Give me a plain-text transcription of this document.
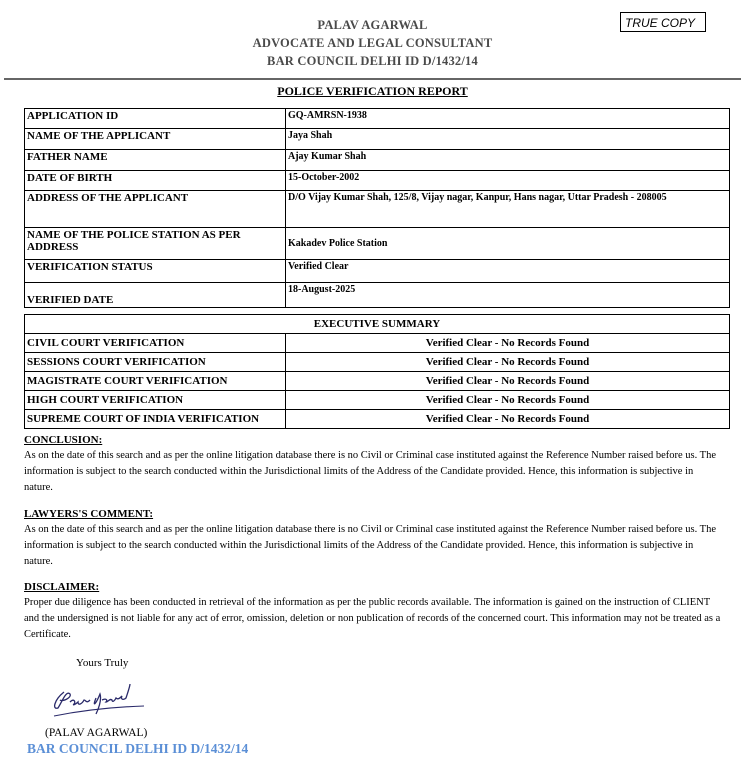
PALAV AGARWAL
ADVOCATE AND LEGAL CONSULTANT
BAR COUNCIL DELHI ID D/1432/14
TRUE COPY
POLICE VERIFICATION REPORT
APPLICATION ID	GQ-AMRSN-1938
NAME OF THE APPLICANT	Jaya Shah
FATHER NAME	Ajay Kumar Shah
DATE OF BIRTH	15-October-2002
ADDRESS OF THE APPLICANT	D/O Vijay Kumar Shah, 125/8, Vijay nagar, Kanpur, Hans nagar, Uttar Pradesh - 208005
NAME OF THE POLICE STATION AS PER ADDRESS	Kakadev Police Station
VERIFICATION STATUS	Verified Clear
VERIFIED DATE	18-August-2025
EXECUTIVE SUMMARY	
CIVIL COURT VERIFICATION	Verified Clear - No Records Found
SESSIONS COURT VERIFICATION	Verified Clear - No Records Found
MAGISTRATE COURT VERIFICATION	Verified Clear - No Records Found
HIGH COURT VERIFICATION	Verified Clear - No Records Found
SUPREME COURT OF INDIA VERIFICATION	Verified Clear - No Records Found
CONCLUSION:
As on the date of this search and as per the online litigation database there is no Civil or Criminal case instituted against the Reference Number raised before us. The information is subject to the search conducted within the Jurisdictional limits of the Address of the Candidate provided. Hence, this information is subjective in nature.
LAWYERS'S COMMENT:
As on the date of this search and as per the online litigation database there is no Civil or Criminal case instituted against the Reference Number raised before us. The information is subject to the search conducted within the Jurisdictional limits of the Address of the Candidate provided. Hence, this information is subjective in nature.
DISCLAIMER:
Proper due diligence has been conducted in retrieval of the information as per the public records available. The information is gained on the instruction of CLIENT and the undersigned is not liable for any act of error, omission, deletion or non publication of records of the concerned court. This information may not be treated as a Certificate.
Yours Truly
(PALAV AGARWAL)
BAR COUNCIL DELHI ID D/1432/14
